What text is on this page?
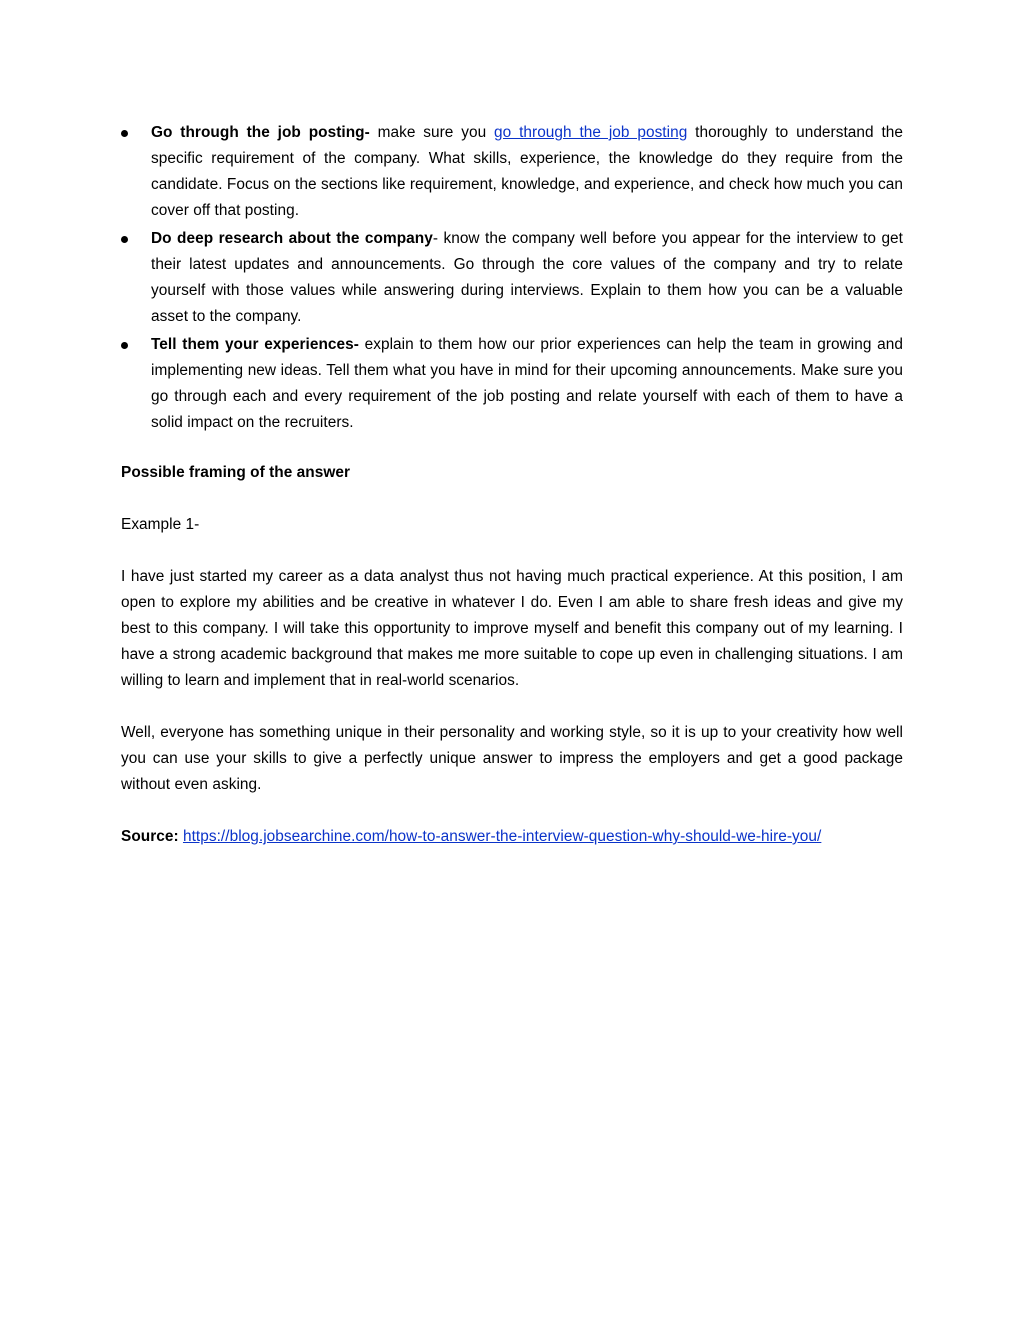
Go through the job posting- make sure you go through the job posting thoroughly to understand the specific requirement of the company. What skills, experience, the knowledge do they require from the candidate. Focus on the sections like requirement, knowledge, and experience, and check how much you can cover off that posting.
Do deep research about the company- know the company well before you appear for the interview to get their latest updates and announcements. Go through the core values of the company and try to relate yourself with those values while answering during interviews. Explain to them how you can be a valuable asset to the company.
Tell them your experiences- explain to them how our prior experiences can help the team in growing and implementing new ideas. Tell them what you have in mind for their upcoming announcements. Make sure you go through each and every requirement of the job posting and relate yourself with each of them to have a solid impact on the recruiters.

Possible framing of the answer

Example 1-

I have just started my career as a data analyst thus not having much practical experience. At this position, I am open to explore my abilities and be creative in whatever I do. Even I am able to share fresh ideas and give my best to this company. I will take this opportunity to improve myself and benefit this company out of my learning. I have a strong academic background that makes me more suitable to cope up even in challenging situations. I am willing to learn and implement that in real-world scenarios.

Well, everyone has something unique in their personality and working style, so it is up to your creativity how well you can use your skills to give a perfectly unique answer to impress the employers and get a good package without even asking.

Source: https://blog.jobsearchine.com/how-to-answer-the-interview-question-why-should-we-hire-you/
